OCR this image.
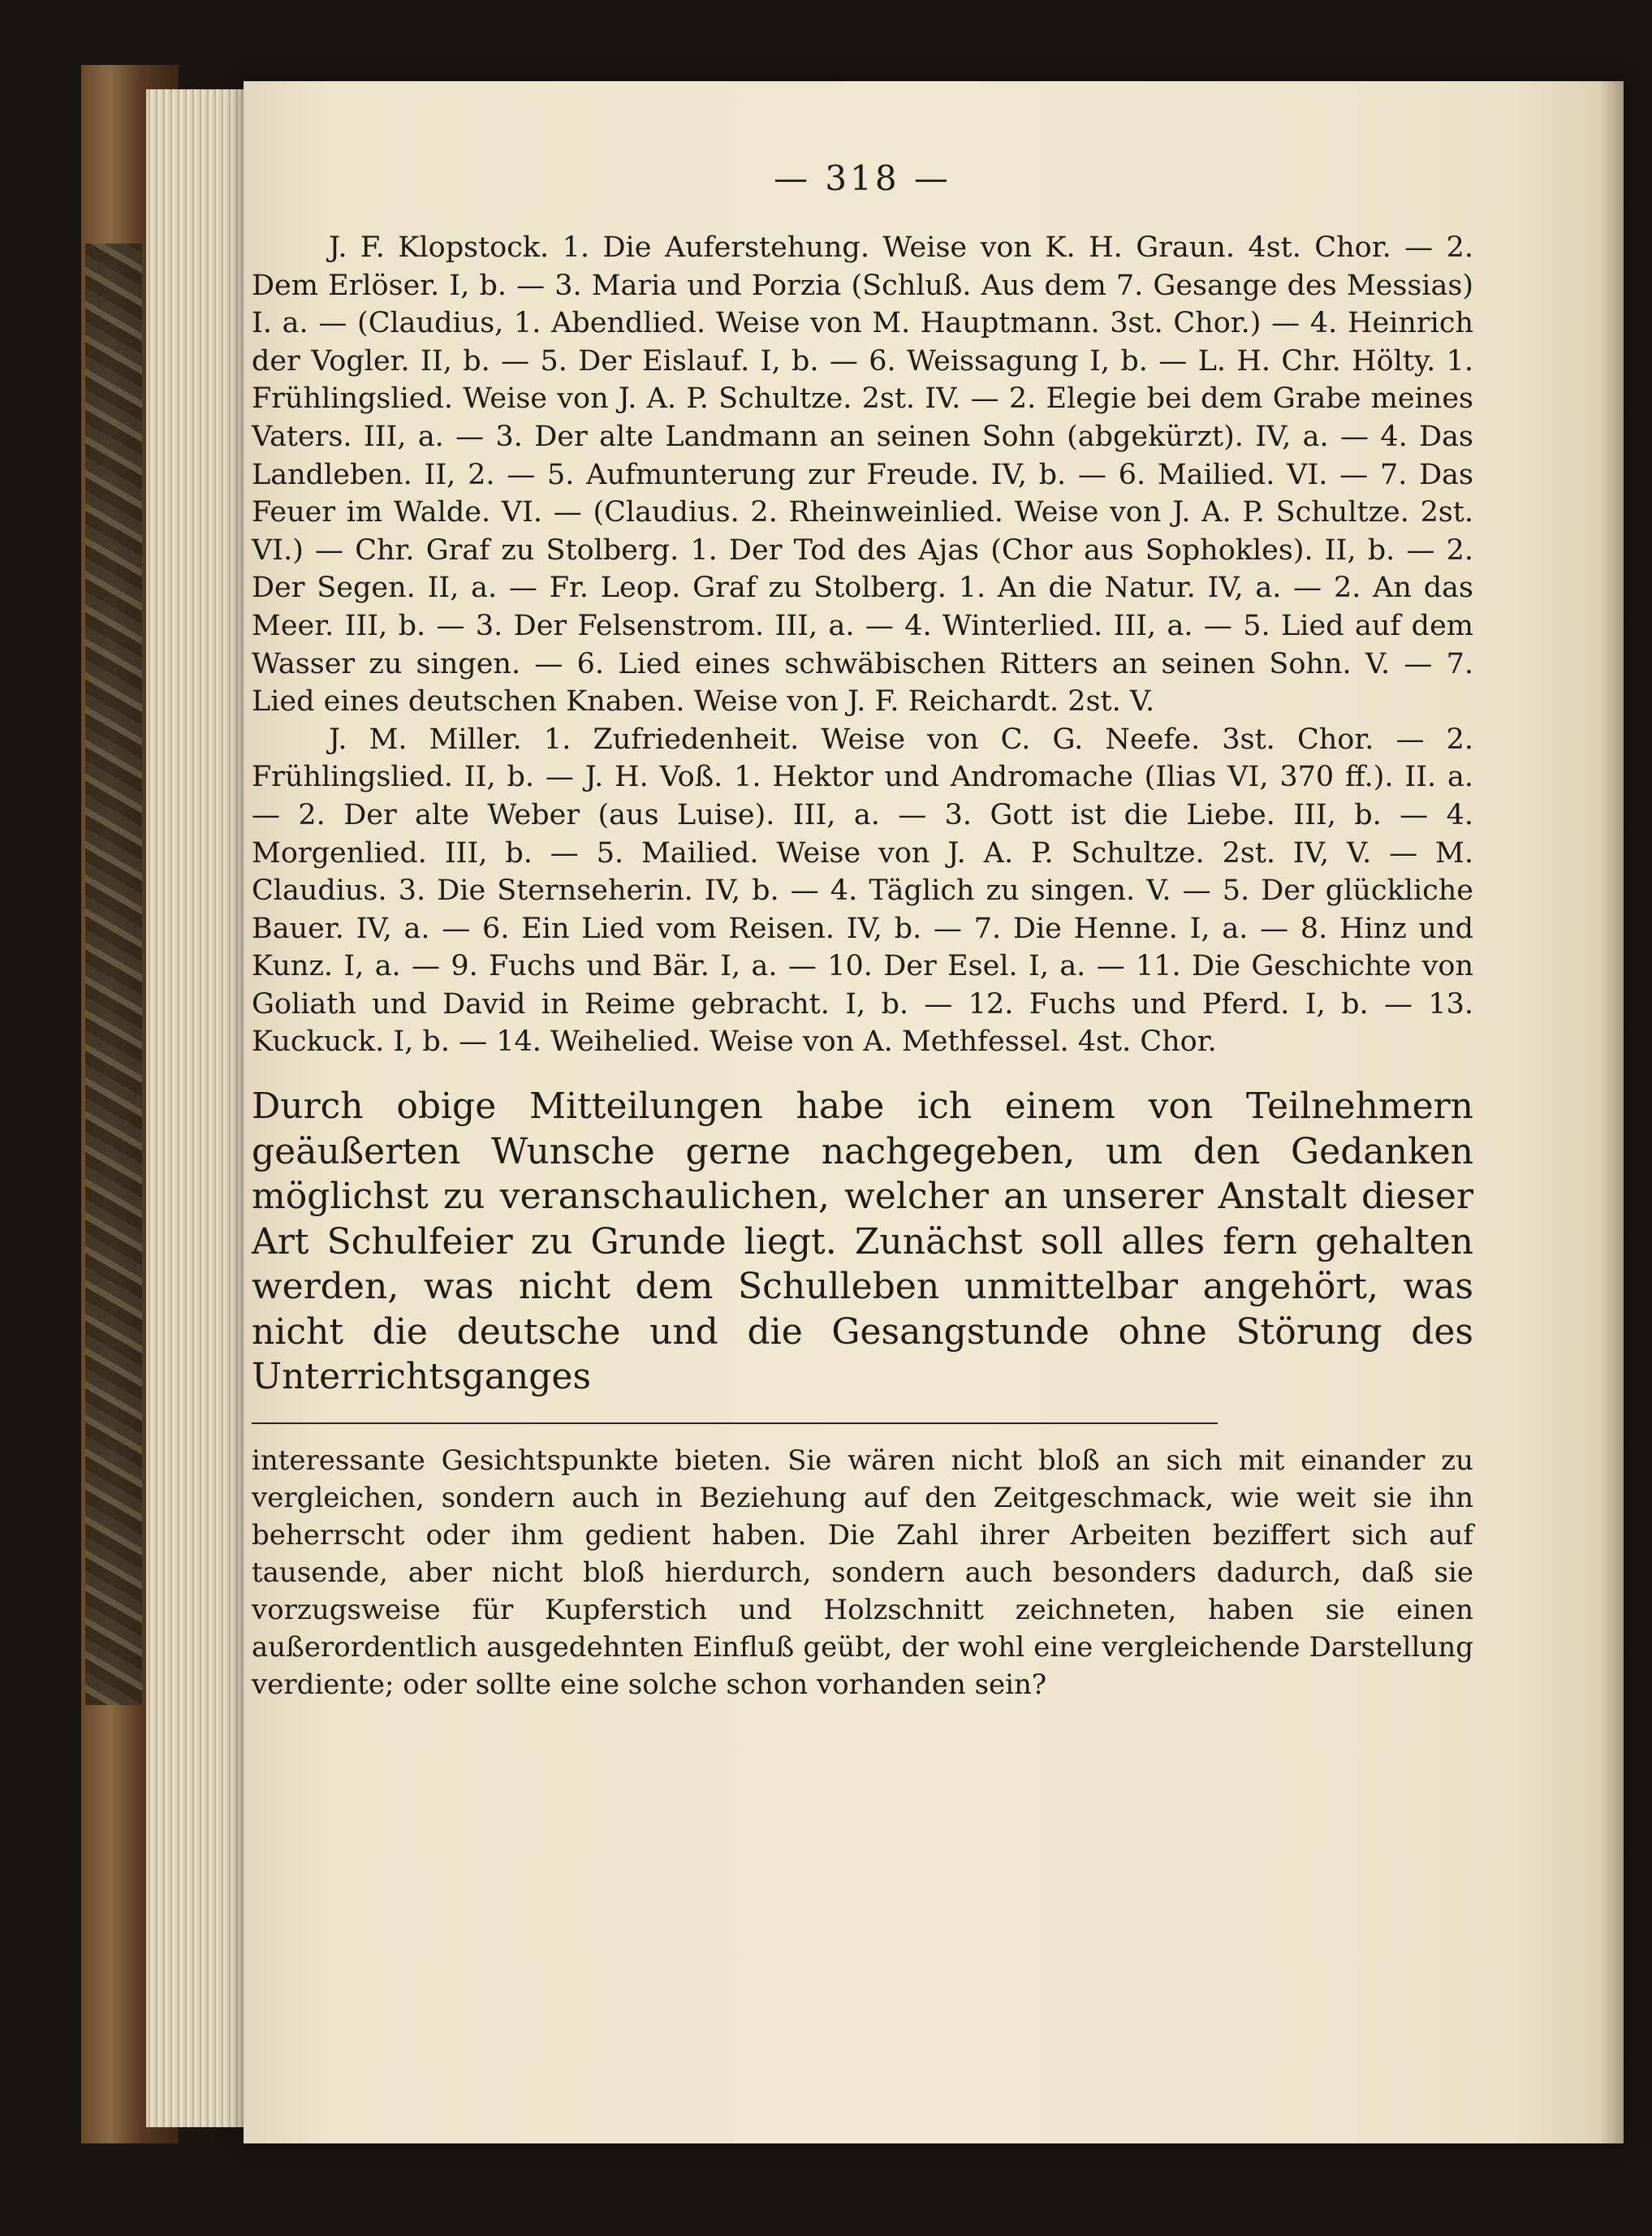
— 318 —

J. F. Klopstock. 1. Die Auferstehung. Weise von K. H. Graun. 4st. Chor. — 2. Dem Erlöser. I, b. — 3. Maria und Porzia (Schluß. Aus dem 7. Gesange des Messias) I. a. — (Claudius, 1. Abendlied. Weise von M. Hauptmann. 3st. Chor.) — 4. Heinrich der Vogler. II, b. — 5. Der Eislauf. I, b. — 6. Weissagung I, b. — L. H. Chr. Hölty. 1. Frühlingslied. Weise von J. A. P. Schultze. 2st. IV. — 2. Elegie bei dem Grabe meines Vaters. III, a. — 3. Der alte Landmann an seinen Sohn (abgekürzt). IV, a. — 4. Das Landleben. II, 2. — 5. Aufmunterung zur Freude. IV, b. — 6. Mailied. VI. — 7. Das Feuer im Walde. VI. — (Claudius. 2. Rheinweinlied. Weise von J. A. P. Schultze. 2st. VI.) — Chr. Graf zu Stolberg. 1. Der Tod des Ajas (Chor aus Sophokles). II, b. — 2. Der Segen. II, a. — Fr. Leop. Graf zu Stolberg. 1. An die Natur. IV, a. — 2. An das Meer. III, b. — 3. Der Felsenstrom. III, a. — 4. Winterlied. III, a. — 5. Lied auf dem Wasser zu singen. — 6. Lied eines schwäbischen Ritters an seinen Sohn. V. — 7. Lied eines deutschen Knaben. Weise von J. F. Reichardt. 2st. V.

J. M. Miller. 1. Zufriedenheit. Weise von C. G. Neefe. 3st. Chor. — 2. Frühlingslied. II, b. — J. H. Voß. 1. Hektor und Andromache (Ilias VI, 370 ff.). II. a. — 2. Der alte Weber (aus Luise). III, a. — 3. Gott ist die Liebe. III, b. — 4. Morgenlied. III, b. — 5. Mailied. Weise von J. A. P. Schultze. 2st. IV, V. — M. Claudius. 3. Die Sternseherin. IV, b. — 4. Täglich zu singen. V. — 5. Der glückliche Bauer. IV, a. — 6. Ein Lied vom Reisen. IV, b. — 7. Die Henne. I, a. — 8. Hinz und Kunz. I, a. — 9. Fuchs und Bär. I, a. — 10. Der Esel. I, a. — 11. Die Geschichte von Goliath und David in Reime gebracht. I, b. — 12. Fuchs und Pferd. I, b. — 13. Kuckuck. I, b. — 14. Weihelied. Weise von A. Methfessel. 4st. Chor.

Durch obige Mitteilungen habe ich einem von Teilnehmern geäußerten Wunsche gerne nachgegeben, um den Gedanken möglichst zu veranschaulichen, welcher an unserer Anstalt dieser Art Schulfeier zu Grunde liegt. Zunächst soll alles fern gehalten werden, was nicht dem Schulleben unmittelbar angehört, was nicht die deutsche und die Gesangstunde ohne Störung des Unterrichtsganges

interessante Gesichtspunkte bieten. Sie wären nicht bloß an sich mit einander zu vergleichen, sondern auch in Beziehung auf den Zeitgeschmack, wie weit sie ihn beherrscht oder ihm gedient haben. Die Zahl ihrer Arbeiten beziffert sich auf tausende, aber nicht bloß hierdurch, sondern auch besonders dadurch, daß sie vorzugsweise für Kupferstich und Holzschnitt zeichneten, haben sie einen außerordentlich ausgedehnten Einfluß geübt, der wohl eine vergleichende Darstellung verdiente; oder sollte eine solche schon vorhanden sein?
